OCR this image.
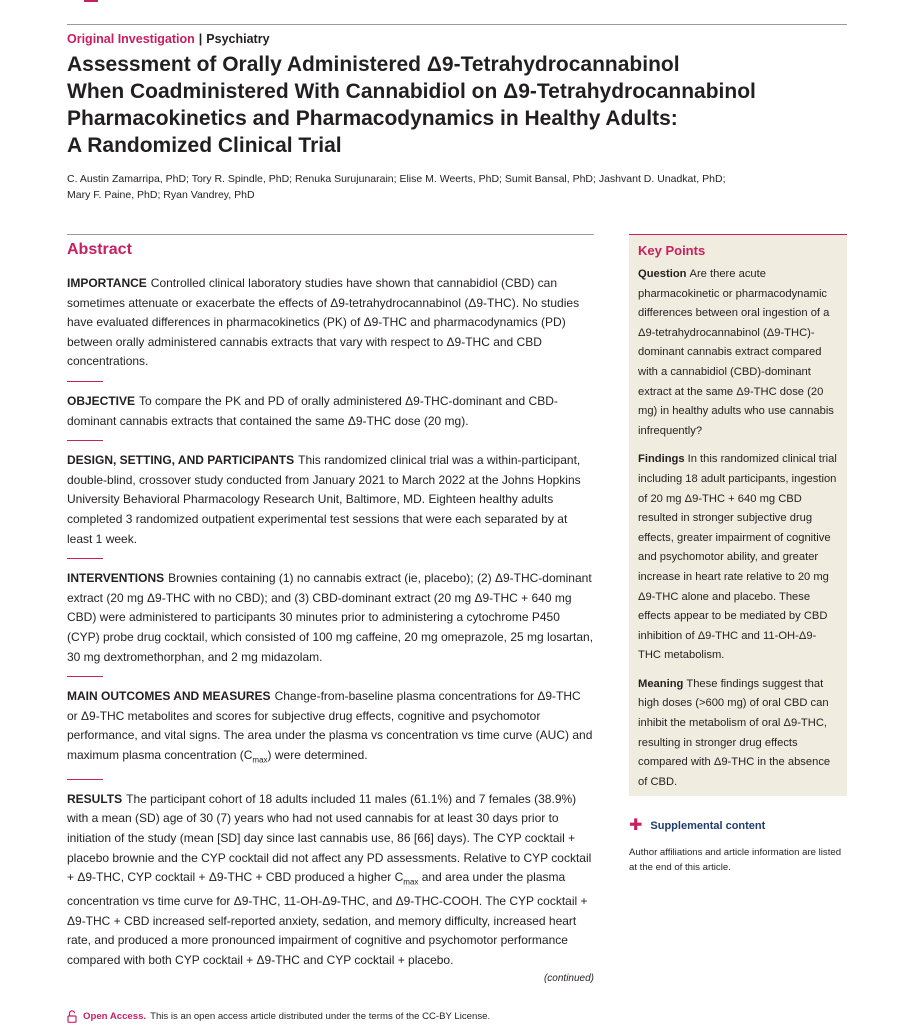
Original Investigation | Psychiatry
Assessment of Orally Administered Δ9-Tetrahydrocannabinol
When Coadministered With Cannabidiol on Δ9-Tetrahydrocannabinol
Pharmacokinetics and Pharmacodynamics in Healthy Adults:
A Randomized Clinical Trial
C. Austin Zamarripa, PhD; Tory R. Spindle, PhD; Renuka Surujunarain; Elise M. Weerts, PhD; Sumit Bansal, PhD; Jashvant D. Unadkat, PhD;
Mary F. Paine, PhD; Ryan Vandrey, PhD
Abstract

IMPORTANCE Controlled clinical laboratory studies have shown that cannabidiol (CBD) can sometimes attenuate or exacerbate the effects of Δ9-tetrahydrocannabinol (Δ9-THC). No studies have evaluated differences in pharmacokinetics (PK) of Δ9-THC and pharmacodynamics (PD) between orally administered cannabis extracts that vary with respect to Δ9-THC and CBD concentrations.

OBJECTIVE To compare the PK and PD of orally administered Δ9-THC-dominant and CBD-dominant cannabis extracts that contained the same Δ9-THC dose (20 mg).

DESIGN, SETTING, AND PARTICIPANTS This randomized clinical trial was a within-participant, double-blind, crossover study conducted from January 2021 to March 2022 at the Johns Hopkins University Behavioral Pharmacology Research Unit, Baltimore, MD. Eighteen healthy adults completed 3 randomized outpatient experimental test sessions that were each separated by at least 1 week.

INTERVENTIONS Brownies containing (1) no cannabis extract (ie, placebo); (2) Δ9-THC-dominant extract (20 mg Δ9-THC with no CBD); and (3) CBD-dominant extract (20 mg Δ9-THC + 640 mg CBD) were administered to participants 30 minutes prior to administering a cytochrome P450 (CYP) probe drug cocktail, which consisted of 100 mg caffeine, 20 mg omeprazole, 25 mg losartan, 30 mg dextromethorphan, and 2 mg midazolam.

MAIN OUTCOMES AND MEASURES Change-from-baseline plasma concentrations for Δ9-THC or Δ9-THC metabolites and scores for subjective drug effects, cognitive and psychomotor performance, and vital signs. The area under the plasma vs concentration vs time curve (AUC) and maximum plasma concentration $(C_{max})$ were determined.

RESULTS The participant cohort of 18 adults included 11 males (61.1%) and 7 females (38.9%) with a mean (SD) age of 30 (7) years who had not used cannabis for at least 30 days prior to initiation of the study (mean [SD] day since last cannabis use, 86 [66] days). The CYP cocktail + placebo brownie and the CYP cocktail did not affect any PD assessments. Relative to CYP cocktail + Δ9-THC, CYP cocktail + Δ9-THC + CBD produced a higher $C_{max}$ and area under the plasma concentration vs time curve for Δ9-THC, 11-OH-Δ9-THC, and Δ9-THC-COOH. The CYP cocktail + Δ9-THC + CBD increased self-reported anxiety, sedation, and memory difficulty, increased heart rate, and produced a more pronounced impairment of cognitive and psychomotor performance compared with both CYP cocktail + Δ9-THC and CYP cocktail + placebo.

(continued)
Key Points

Question Are there acute pharmacokinetic or pharmacodynamic differences between oral ingestion of a Δ9-tetrahydrocannabinol (Δ9-THC)-dominant cannabis extract compared with a cannabidiol (CBD)-dominant extract at the same Δ9-THC dose (20 mg) in healthy adults who use cannabis infrequently?

Findings In this randomized clinical trial including 18 adult participants, ingestion of 20 mg Δ9-THC + 640 mg CBD resulted in stronger subjective drug effects, greater impairment of cognitive and psychomotor ability, and greater increase in heart rate relative to 20 mg Δ9-THC alone and placebo. These effects appear to be mediated by CBD inhibition of Δ9-THC and 11-OH-Δ9-THC metabolism.

Meaning These findings suggest that high doses (>600 mg) of oral CBD can inhibit the metabolism of oral Δ9-THC, resulting in stronger drug effects compared with Δ9-THC in the absence of CBD.

✚ Supplemental content

Author affiliations and article information are listed at the end of this article.

Open Access. This is an open access article distributed under the terms of the CC-BY License.
